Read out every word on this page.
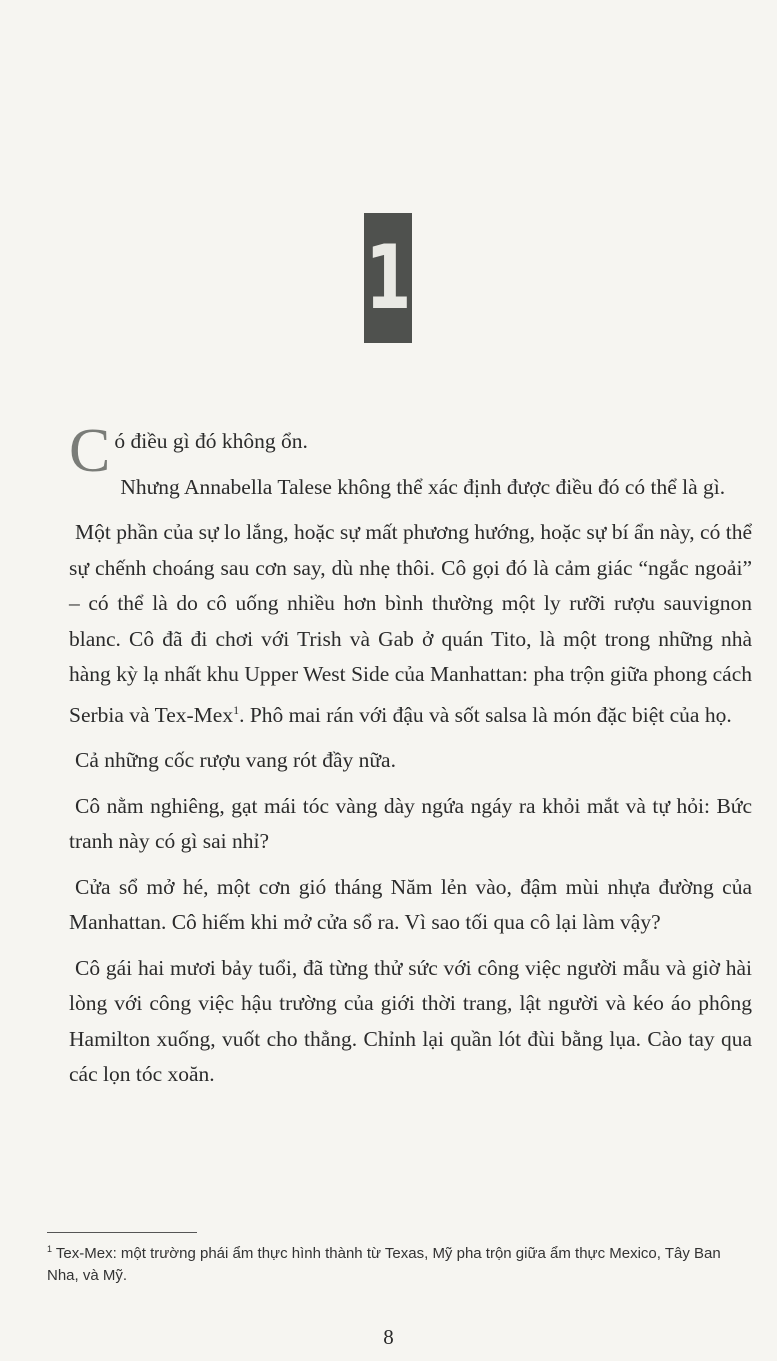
1

Có điều gì đó không ổn.

Nhưng Annabella Talese không thể xác định được điều đó có thể là gì.

Một phần của sự lo lắng, hoặc sự mất phương hướng, hoặc sự bí ẩn này, có thể sự chếnh choáng sau cơn say, dù nhẹ thôi. Cô gọi đó là cảm giác “ngắc ngoải” – có thể là do cô uống nhiều hơn bình thường một ly rưỡi rượu sauvignon blanc. Cô đã đi chơi với Trish và Gab ở quán Tito, là một trong những nhà hàng kỳ lạ nhất khu Upper West Side của Manhattan: pha trộn giữa phong cách Serbia và Tex-Mex$^1$. Phô mai rán với đậu và sốt salsa là món đặc biệt của họ.

Cả những cốc rượu vang rót đầy nữa.

Cô nằm nghiêng, gạt mái tóc vàng dày ngứa ngáy ra khỏi mắt và tự hỏi: Bức tranh này có gì sai nhỉ?

Cửa sổ mở hé, một cơn gió tháng Năm lẻn vào, đậm mùi nhựa đường của Manhattan. Cô hiếm khi mở cửa sổ ra. Vì sao tối qua cô lại làm vậy?

Cô gái hai mươi bảy tuổi, đã từng thử sức với công việc người mẫu và giờ hài lòng với công việc hậu trường của giới thời trang, lật người và kéo áo phông Hamilton xuống, vuốt cho thẳng. Chỉnh lại quần lót đùi bằng lụa. Cào tay qua các lọn tóc xoăn.

$^1$ Tex-Mex: một trường phái ẩm thực hình thành từ Texas, Mỹ pha trộn giữa ẩm thực Mexico, Tây Ban Nha, và Mỹ.
8
